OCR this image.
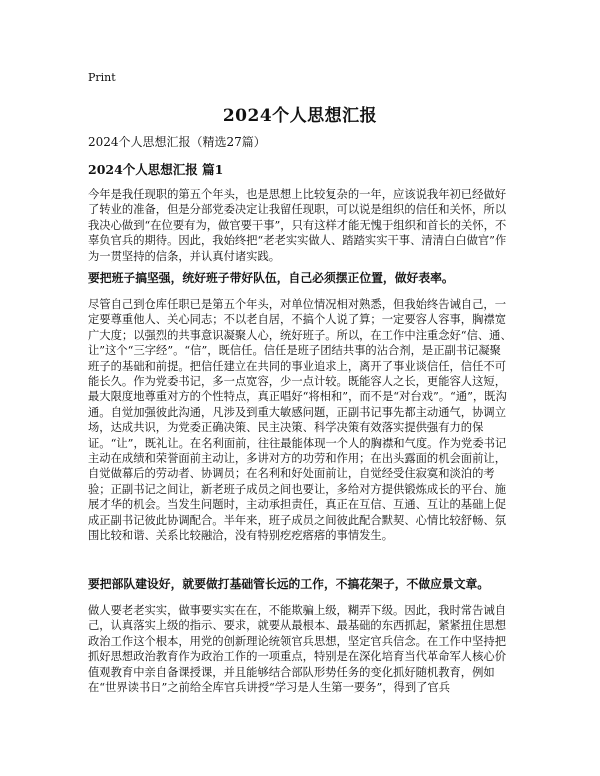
Print
2024个人思想汇报
2024个人思想汇报（精选27篇）
2024个人思想汇报 篇1

今年是我任现职的第五个年头，也是思想上比较复杂的一年，应该说我年初已经做好了转业的准备，但是分部党委决定让我留任现职，可以说是组织的信任和关怀，所以我决心做到“在位要有为，做官要干事”，只有这样才能无愧于组织和首长的关怀，不辜负官兵的期待。因此，我始终把“老老实实做人、踏踏实实干事、清清白白做官”作为一贯坚持的信条，并认真付诸实践。

要把班子搞坚强，统好班子带好队伍，自己必须摆正位置，做好表率。

尽管自己到仓库任职已是第五个年头，对单位情况相对熟悉，但我始终告诫自己，一定要尊重他人、关心同志；不以老自居，不搞个人说了算；一定要容人容事，胸襟宽广大度；以强烈的共事意识凝聚人心，统好班子。所以，在工作中注重念好“信、通、让”这个“三字经”。“信”，既信任。信任是班子团结共事的沾合剂，是正副书记凝聚班子的基础和前提。把信任建立在共同的事业追求上，离开了事业谈信任，信任不可能长久。作为党委书记，多一点宽容，少一点计较。既能容人之长，更能容人这短，最大限度地尊重对方的个性特点，真正唱好“将相和”，而不是“对台戏”。“通”，既沟通。自觉加强彼此沟通，凡涉及到重大敏感问题，正副书记事先都主动通气，协调立场，达成共识，为党委正确决策、民主决策、科学决策有效落实提供强有力的保证。“让”，既礼让。在名利面前，往往最能体现一个人的胸襟和气度。作为党委书记主动在成绩和荣誉面前主动让，多讲对方的功劳和作用；在出头露面的机会面前让，自觉做幕后的劳动者、协调员；在名利和好处面前让，自觉经受住寂寞和淡泊的考验；正副书记之间让，新老班子成员之间也要让，多给对方提供锻炼成长的平台、施展才华的机会。当发生问题时，主动承担责任，真正在互信、互通、互让的基础上促成正副书记彼此协调配合。半年来，班子成员之间彼此配合默契、心情比较舒畅、氛围比较和谐、关系比较融洽，没有特别疙疙瘩瘩的事情发生。

要把部队建设好，就要做打基础管长远的工作，不搞花架子，不做应景文章。

做人要老老实实，做事要实实在在，不能欺骗上级，糊弄下级。因此，我时常告诫自己，认真落实上级的指示、要求，就要从最根本、最基础的东西抓起，紧紧扭住思想政治工作这个根本，用党的创新理论统领官兵思想，坚定官兵信念。在工作中坚持把抓好思想政治教育作为政治工作的一项重点，特别是在深化培育当代革命军人核心价值观教育中亲自备课授课，并且能够结合部队形势任务的变化抓好随机教育，例如在“世界读书日”之前给全库官兵讲授“学习是人生第一要务”，得到了官兵
